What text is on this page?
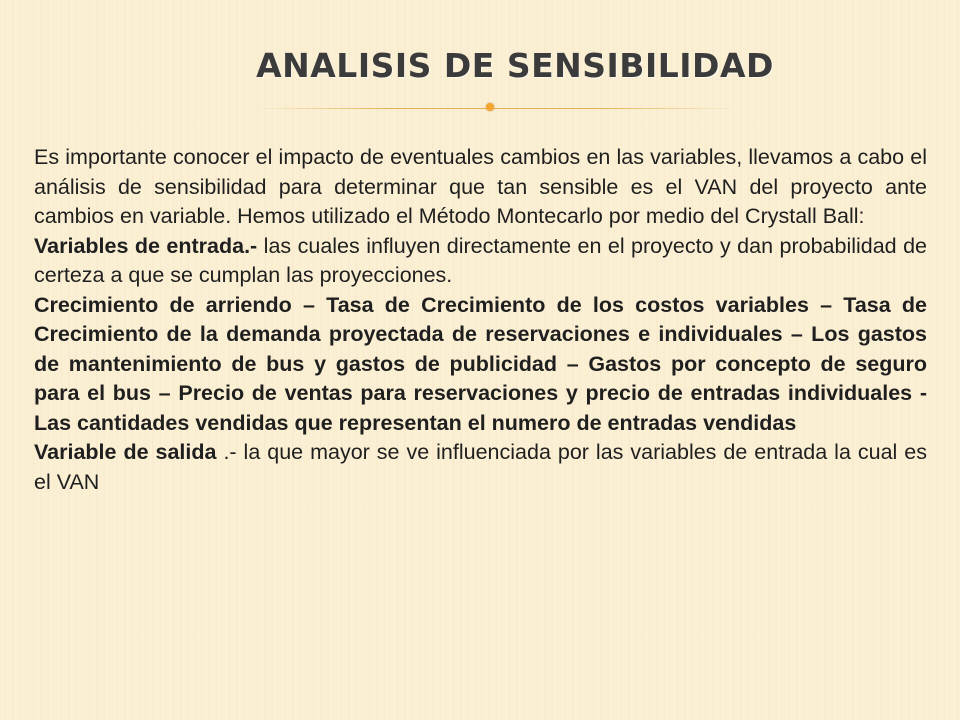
ANALISIS DE SENSIBILIDAD

Es importante conocer el impacto de eventuales cambios en las variables, llevamos a cabo el análisis de sensibilidad para determinar que tan sensible es el VAN del proyecto ante cambios en variable. Hemos utilizado el Método Montecarlo por medio del Crystall Ball:

Variables de entrada.- las cuales influyen directamente en el proyecto y dan probabilidad de certeza a que se cumplan las proyecciones.

Crecimiento de arriendo – Tasa de Crecimiento de los costos variables – Tasa de Crecimiento de la demanda proyectada de reservaciones e individuales – Los gastos de mantenimiento de bus y gastos de publicidad – Gastos por concepto de seguro para el bus – Precio de ventas para reservaciones y precio de entradas individuales - Las cantidades vendidas que representan el numero de entradas vendidas

Variable de salida .- la que mayor se ve influenciada por las variables de entrada la cual es el VAN
